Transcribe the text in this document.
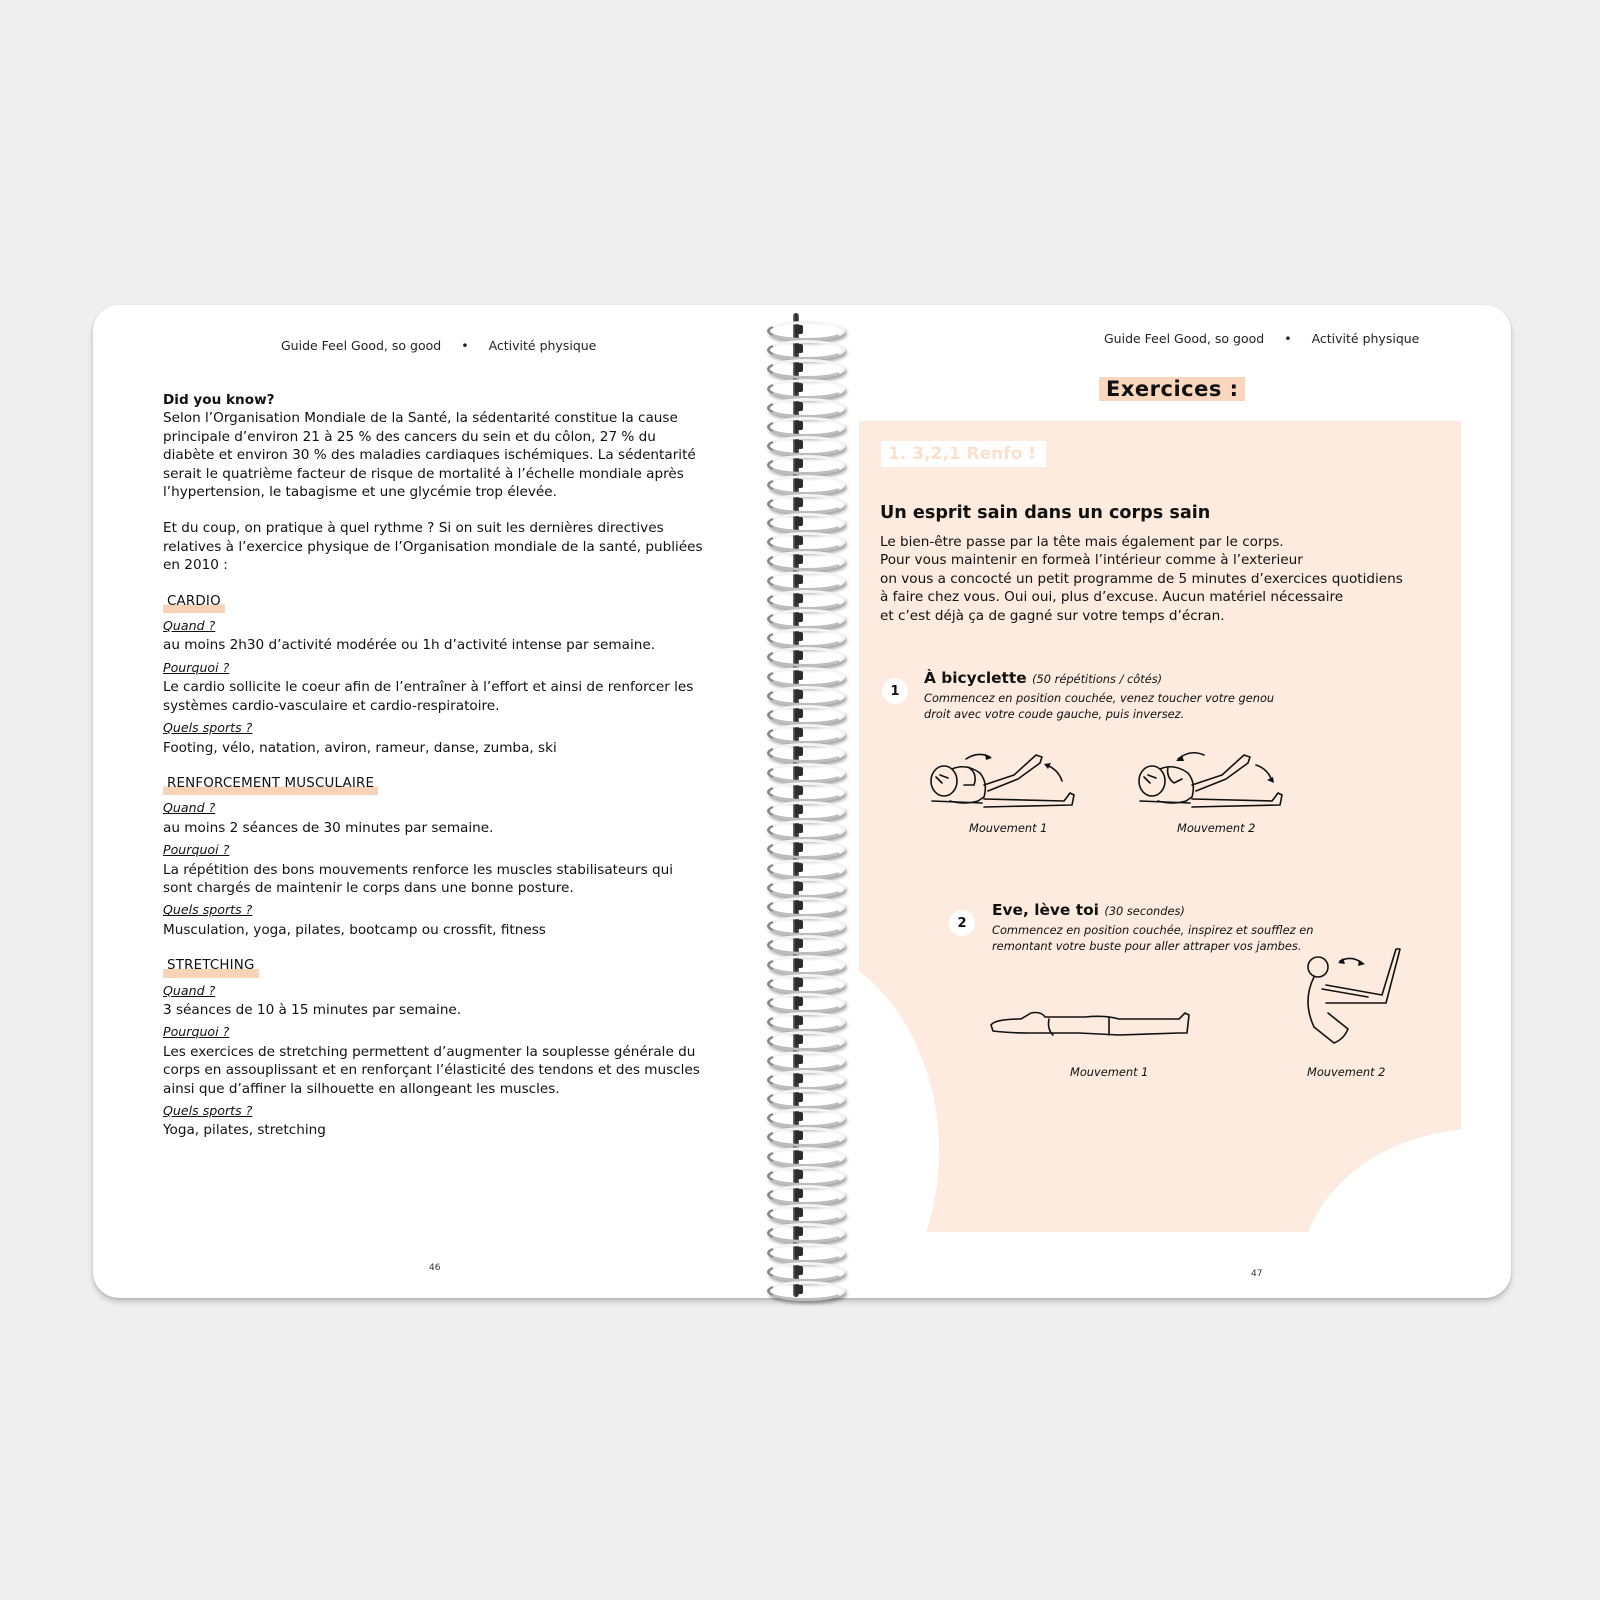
Guide Feel Good, so good • Activité physique

Did you know?

Selon l’Organisation Mondiale de la Santé, la sédentarité constitue la cause

principale d’environ 21 à 25 % des cancers du sein et du côlon, 27 % du

diabète et environ 30 % des maladies cardiaques ischémiques. La sédentarité

serait le quatrième facteur de risque de mortalité à l’échelle mondiale après

l’hypertension, le tabagisme et une glycémie trop élevée.

Et du coup, on pratique à quel rythme ? Si on suit les dernières directives

relatives à l’exercice physique de l’Organisation mondiale de la santé, publiées

en 2010 :

CARDIO
Quand ?

au moins 2h30 d’activité modérée ou 1h d’activité intense par semaine.

Pourquoi ?

Le cardio sollicite le coeur afin de l’entraîner à l’effort et ainsi de renforcer les

systèmes cardio-vasculaire et cardio-respiratoire.

Quels sports ?

Footing, vélo, natation, aviron, rameur, danse, zumba, ski

RENFORCEMENT MUSCULAIRE
Quand ?

au moins 2 séances de 30 minutes par semaine.

Pourquoi ?

La répétition des bons mouvements renforce les muscles stabilisateurs qui

sont chargés de maintenir le corps dans une bonne posture.

Quels sports ?

Musculation, yoga, pilates, bootcamp ou crossfit, fitness

STRETCHING
Quand ?

3 séances de 10 à 15 minutes par semaine.

Pourquoi ?

Les exercices de stretching permettent d’augmenter la souplesse générale du

corps en assouplissant et en renforçant l’élasticité des tendons et des muscles

ainsi que d’affiner la silhouette en allongeant les muscles.

Quels sports ?

Yoga, pilates, stretching

46
Guide Feel Good, so good • Activité physique
Exercices :
1. 3,2,1 Renfo !
Un esprit sain dans un corps sain
Le bien-être passe par la tête mais également par le corps.
Pour vous maintenir en formeà l’intérieur comme à l’exterieur
on vous a concocté un petit programme de 5 minutes d’exercices quotidiens
à faire chez vous. Oui oui, plus d’excuse. Aucun matériel nécessaire
et c’est déjà ça de gagné sur votre temps d’écran.
1
À bicyclette (50 répétitions / côtés)
Commencez en position couchée, venez toucher votre genou
droit avec votre coude gauche, puis inversez.
Mouvement 1	Mouvement 2
2
Eve, lève toi (30 secondes)
Commencez en position couchée, inspirez et soufflez en
remontant votre buste pour aller attraper vos jambes.
Mouvement 1	Mouvement 2
47
